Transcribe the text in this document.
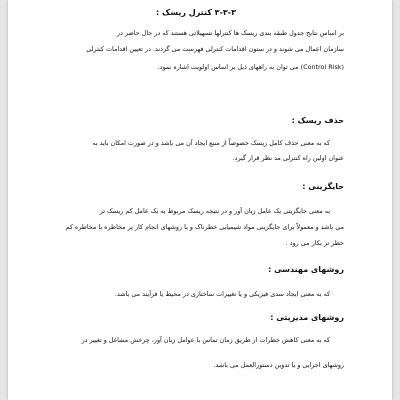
۳-۳-۳ کنترل ریسک :
بر اساس نتایج جدول طبقه بندی ریسک ها کنترلها تسهیلاتی هستند که در حال حاضر در
سازمان اعمال می شوند و در ستون اقدامات کنترلی فهرست می گردند. در تعیین اقدامات کنترلی
(Control Risk) می توان به راههای ذیل بر اساس اولویت اشاره نمود.
حذف ریسک :
که به معنی حذف کامل ریسک خصوصاً از منبع ایجاد آن می باشد و در صورت امکان باید به
عنوان اولین راه کنترلی مد نظر قرار گیرد.
جایگزینی :
به معنی جایگزینی یک عامل زیان آور و در نتیجه ریسک مربوط به یک عامل کم ریسک تر
می باشد و معمولاً برای جایگزینی مواد شیمیایی خطرناک و یا روشهای انجام کار پر مخاطره با مخاطره کم
خطر تر بکار می رود .
روشهای مهندسی :
که به معنی ایجاد سدی فیزیکی و یا تغییرات ساختاری در محیط یا فرآیند می باشد.
روشهای مدیریتی :
که به معنی کاهش خطرات از طریق زمان تماس با عوامل زیان آور، چرخش مشاغل و تغییر در
روشهای اجرایی و یا تدوین دستورالعمل می باشد.
